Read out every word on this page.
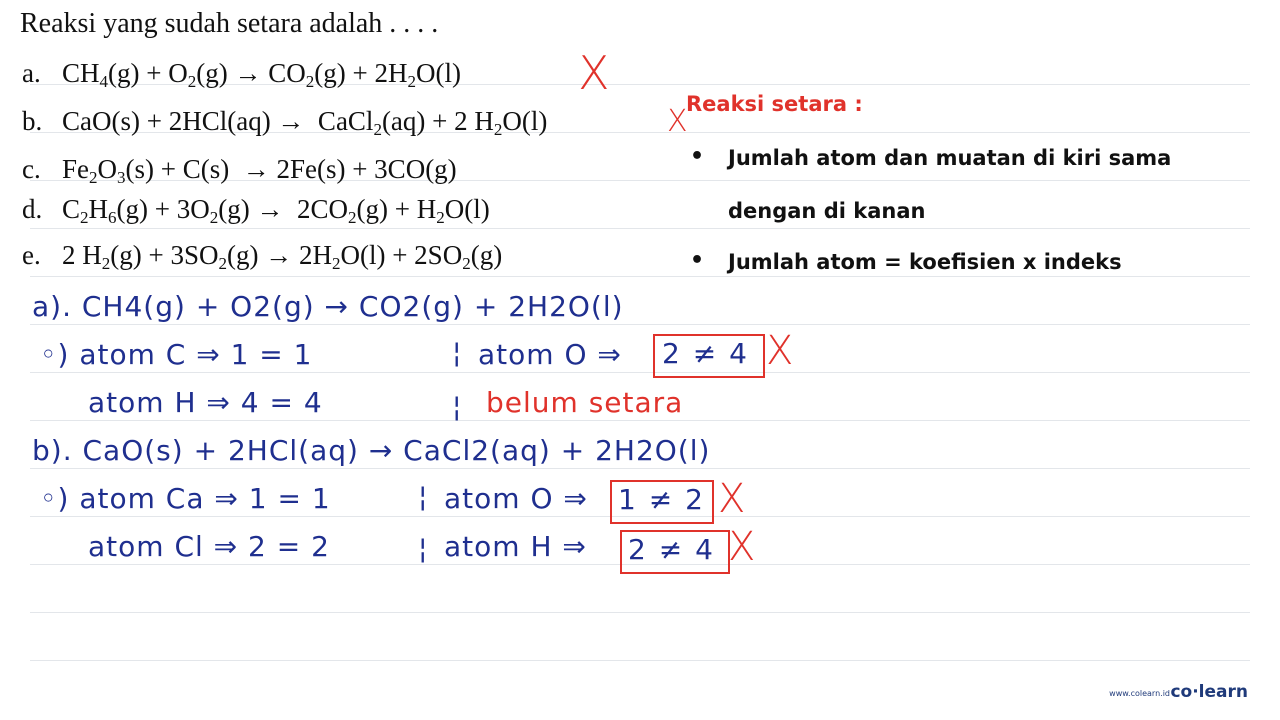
Reaksi yang sudah setara adalah . . . .
a. $CH_4(g) + O_2(g) \to CO_2(g) + 2H_2O(l)$
b. CaO(s) + 2HCl(aq) →  CaCl$_2$(aq) + 2 $H_2O(l)$
c. $Fe_2O_3(s) + C(s) \to 2Fe(s) + 3CO(g)$
d. $C_2H_6(g) + 3O_2(g) \to 2CO_2(g) + H_2O(l)$
e. 2 $H_2(g) + 3SO_2(g) \to 2H_2O(l) + 2SO_2(g)$
X
X
Reaksi setara :
• Jumlah atom dan muatan di kiri sama
dengan di kanan
• Jumlah atom = koefisien x indeks
a). CH4(g) + O2(g) → CO2(g) + 2H2O(l)
◦) atom C ⇒ 1 = 1	¦ atom O ⇒ 2 ≠ 4 X
atom H ⇒ 4 = 4	¦ belum setara
b). CaO(s) + 2HCl(aq) → CaCl2(aq) + 2H2O(l)
◦) atom Ca ⇒ 1 = 1	¦ atom O ⇒ 1 ≠ 2 X
atom Cl ⇒ 2 = 2	¦ atom H ⇒ 2 ≠ 4 X
www.colearn.id co·learn
